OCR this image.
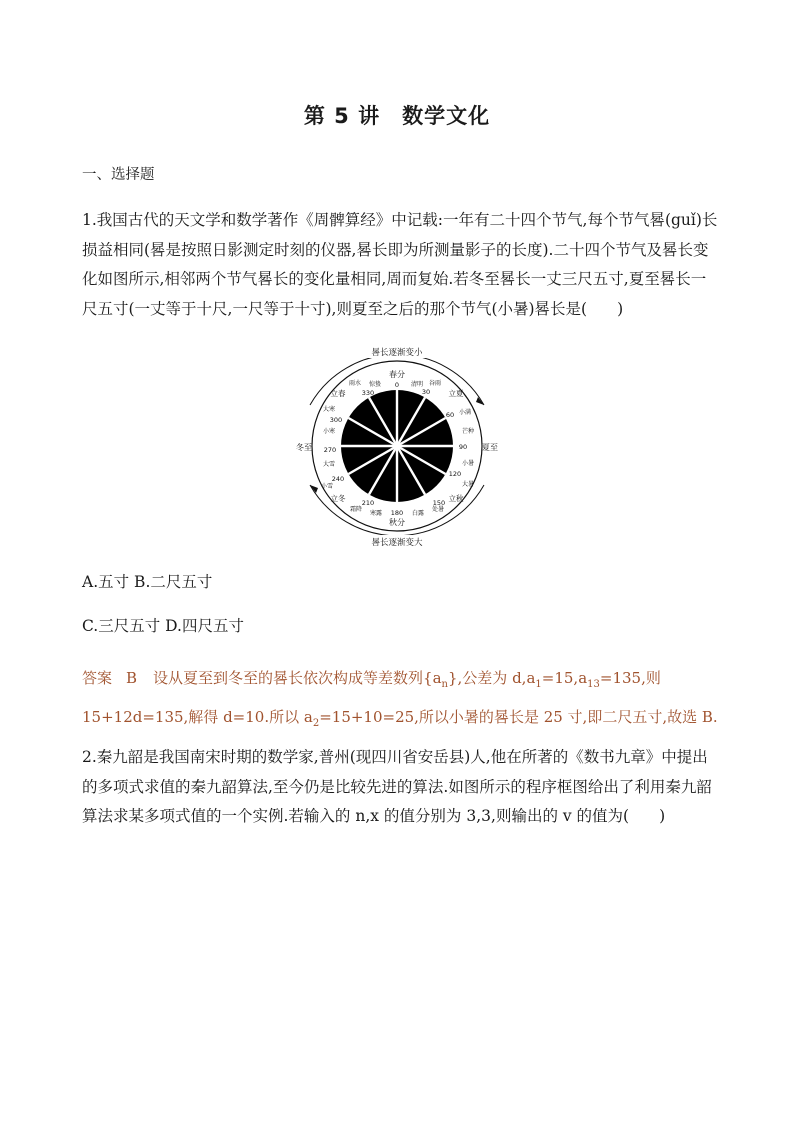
第 5 讲 数学文化
一、选择题
1.我国古代的天文学和数学著作《周髀算经》中记载:一年有二十四个节气,每个节气晷(guǐ)长损益相同(晷是按照日影测定时刻的仪器,晷长即为所测量影子的长度).二十四个节气及晷长变化如图所示,相邻两个节气晷长的变化量相同,周而复始.若冬至晷长一丈三尺五寸,夏至晷长一尺五寸(一丈等于十尺,一尺等于十寸),则夏至之后的那个节气(小暑)晷长是( )
晷长逐渐变小
晷长逐渐变大
春分
秋分
夏至
冬至
立夏
立秋
立冬
立春
雨水 惊蛰	清明 谷雨
小满
芒种
小暑
大暑
处暑
白露
寒露
霜降
小雪
大雪
小寒
大寒
0
30
60
90
120
150
180
210
240
270
300
330
A.五寸 B.二尺五寸
C.三尺五寸 D.四尺五寸
答案 B 设从夏至到冬至的晷长依次构成等差数列$\{a_n\}$,公差为 $d,a_1=15,a_{13}=135$,则 15+12d=135,解得 d=10.所以 $a_2=15+10=25$,所以小暑的晷长是 25 寸,即二尺五寸,故选 B.
2.秦九韶是我国南宋时期的数学家,普州(现四川省安岳县)人,他在所著的《数书九章》中提出的多项式求值的秦九韶算法,至今仍是比较先进的算法.如图所示的程序框图给出了利用秦九韶算法求某多项式值的一个实例.若输入的 n,x 的值分别为 3,3,则输出的 v 的值为( )
